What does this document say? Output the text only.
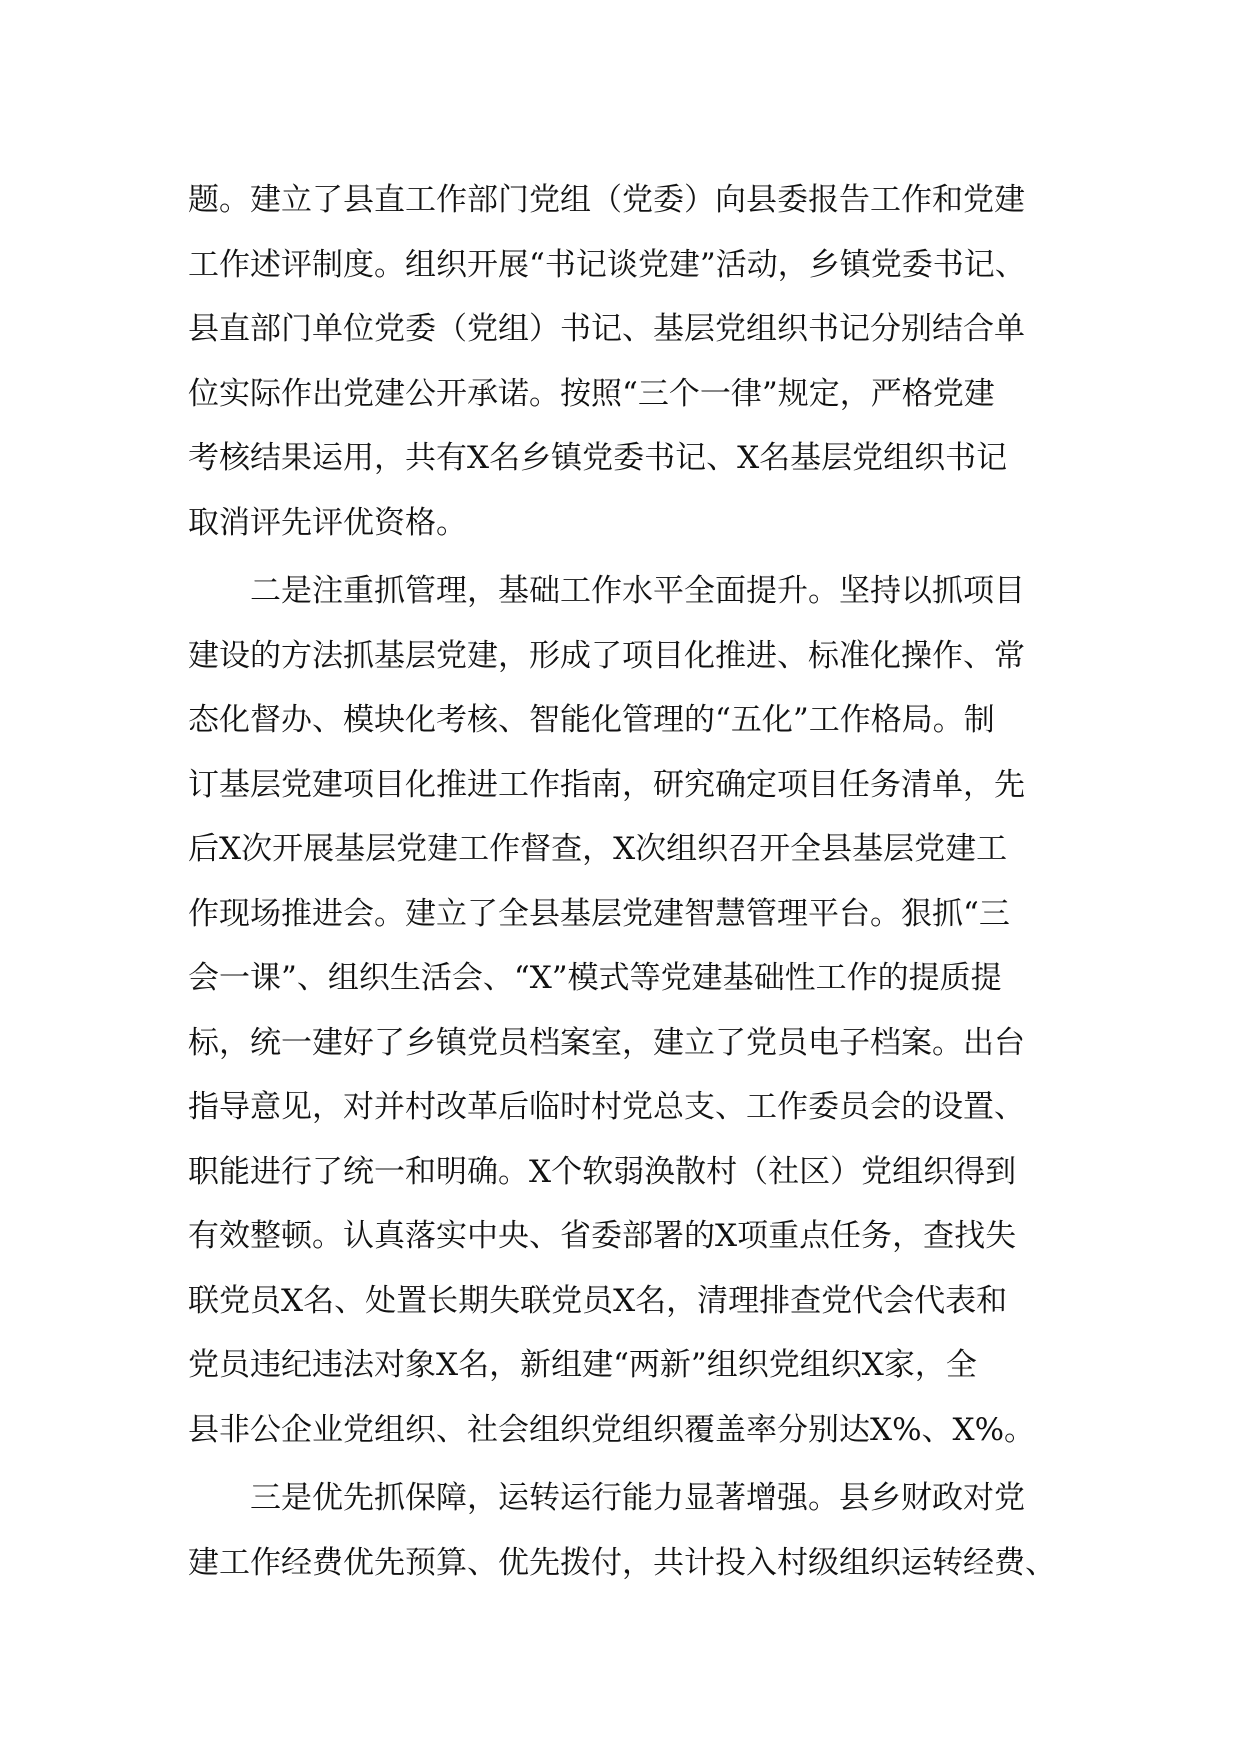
题。建立了县直工作部门党组（党委）向县委报告工作和党建
工作述评制度。组织开展“书记谈党建”活动，乡镇党委书记、
县直部门单位党委（党组）书记、基层党组织书记分别结合单
位实际作出党建公开承诺。按照“三个一律”规定，严格党建
考核结果运用，共有X名乡镇党委书记、X名基层党组织书记
取消评先评优资格。
　　二是注重抓管理，基础工作水平全面提升。坚持以抓项目
建设的方法抓基层党建，形成了项目化推进、标准化操作、常
态化督办、模块化考核、智能化管理的“五化”工作格局。制
订基层党建项目化推进工作指南，研究确定项目任务清单，先
后X次开展基层党建工作督查，X次组织召开全县基层党建工
作现场推进会。建立了全县基层党建智慧管理平台。狠抓“三
会一课”、组织生活会、“X”模式等党建基础性工作的提质提
标，统一建好了乡镇党员档案室，建立了党员电子档案。出台
指导意见，对并村改革后临时村党总支、工作委员会的设置、
职能进行了统一和明确。X个软弱涣散村（社区）党组织得到
有效整顿。认真落实中央、省委部署的X项重点任务，查找失
联党员X名、处置长期失联党员X名，清理排查党代会代表和
党员违纪违法对象X名，新组建“两新”组织党组织X家，全
县非公企业党组织、社会组织党组织覆盖率分别达X%、X%。
　　三是优先抓保障，运转运行能力显著增强。县乡财政对党
建工作经费优先预算、优先拨付，共计投入村级组织运转经费、
